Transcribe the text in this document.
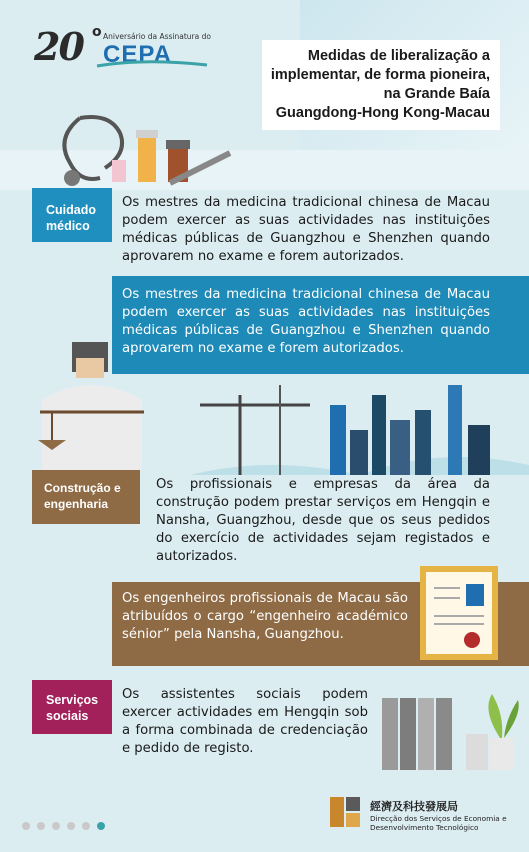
20 o Aniversário da Assinatura do
CEPA	Medidas de liberalização a
implementar, de forma pioneira,
na Grande Baía
Guangdong-Hong Kong-Macau
Cuidado
médico
Os mestres da medicina tradicional chinesa de Macau podem exercer as suas actividades nas instituições médicas públicas de Guangzhou e Shenzhen quando aprovarem no exame e forem autorizados.
Os mestres da medicina tradicional chinesa de Macau podem exercer as suas actividades nas instituições médicas públicas de Guangzhou e Shenzhen quando aprovarem no exame e forem autorizados.
Construção e
engenharia
Os profissionais e empresas da área da construção podem prestar serviços em Hengqin e Nansha, Guangzhou, desde que os seus pedidos do exercício de actividades sejam registados e autorizados.
Os engenheiros profissionais de Macau são atribuídos o cargo “engenheiro académico sénior” pela Nansha, Guangzhou.
Serviços
sociais
Os assistentes sociais podem exercer actividades em Hengqin sob a forma combinada de credenciação e pedido de registo.
經濟及科技發展局
Direcção dos Serviços de Economia e
Desenvolvimento Tecnológico
